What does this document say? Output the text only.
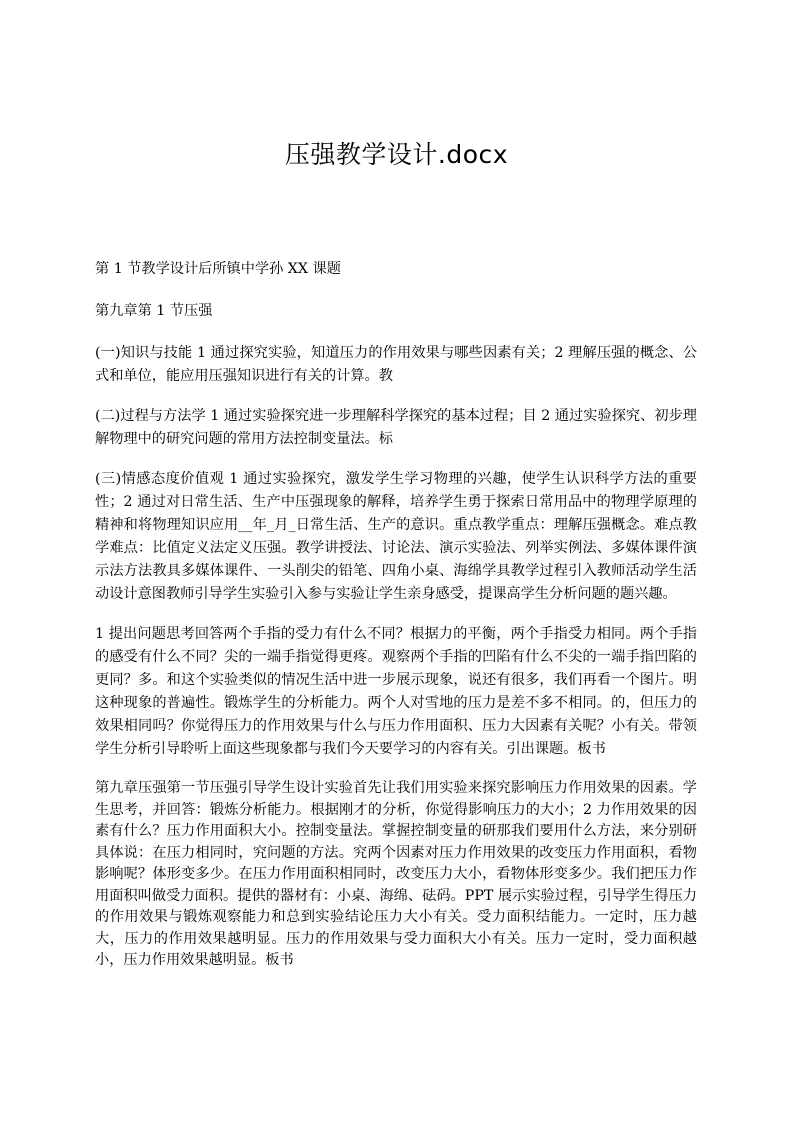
压强教学设计.docx

第 1 节教学设计后所镇中学孙 XX 课题

第九章第 1 节压强

(一)知识与技能 1 通过探究实验，知道压力的作用效果与哪些因素有关；2 理解压强的概念、公式和单位，能应用压强知识进行有关的计算。教

(二)过程与方法学 1 通过实验探究进一步理解科学探究的基本过程；目 2 通过实验探究、初步理解物理中的研究问题的常用方法控制变量法。标

(三)情感态度价值观 1 通过实验探究，激发学生学习物理的兴趣，使学生认识科学方法的重要性；2 通过对日常生活、生产中压强现象的解释，培养学生勇于探索日常用品中的物理学原理的精神和将物理知识应用__年_月_日常生活、生产的意识。重点教学重点：理解压强概念。难点教学难点：比值定义法定义压强。教学讲授法、讨论法、演示实验法、列举实例法、多媒体课件演示法方法教具多媒体课件、一头削尖的铅笔、四角小桌、海绵学具教学过程引入教师活动学生活动设计意图教师引导学生实验引入参与实验让学生亲身感受，提课高学生分析问题的题兴趣。

1 提出问题思考回答两个手指的受力有什么不同？根据力的平衡，两个手指受力相同。两个手指的感受有什么不同？尖的一端手指觉得更疼。观察两个手指的凹陷有什么不尖的一端手指凹陷的更同？多。和这个实验类似的情况生活中进一步展示现象，说还有很多，我们再看一个图片。明这种现象的普遍性。锻炼学生的分析能力。两个人对雪地的压力是差不多不相同。的，但压力的效果相同吗？你觉得压力的作用效果与什么与压力作用面积、压力大因素有关呢？小有关。带领学生分析引导聆听上面这些现象都与我们今天要学习的内容有关。引出课题。板书

第九章压强第一节压强引导学生设计实验首先让我们用实验来探究影响压力作用效果的因素。学生思考，并回答：锻炼分析能力。根据刚才的分析，你觉得影响压力的大小；2 力作用效果的因素有什么？压力作用面积大小。控制变量法。掌握控制变量的研那我们要用什么方法，来分别研具体说：在压力相同时，究问题的方法。究两个因素对压力作用效果的改变压力作用面积，看物影响呢？体形变多少。在压力作用面积相同时，改变压力大小，看物体形变多少。我们把压力作用面积叫做受力面积。提供的器材有：小桌、海绵、砝码。PPT 展示实验过程，引导学生得压力的作用效果与锻炼观察能力和总到实验结论压力大小有关。受力面积结能力。一定时，压力越大，压力的作用效果越明显。压力的作用效果与受力面积大小有关。压力一定时，受力面积越小，压力作用效果越明显。板书
